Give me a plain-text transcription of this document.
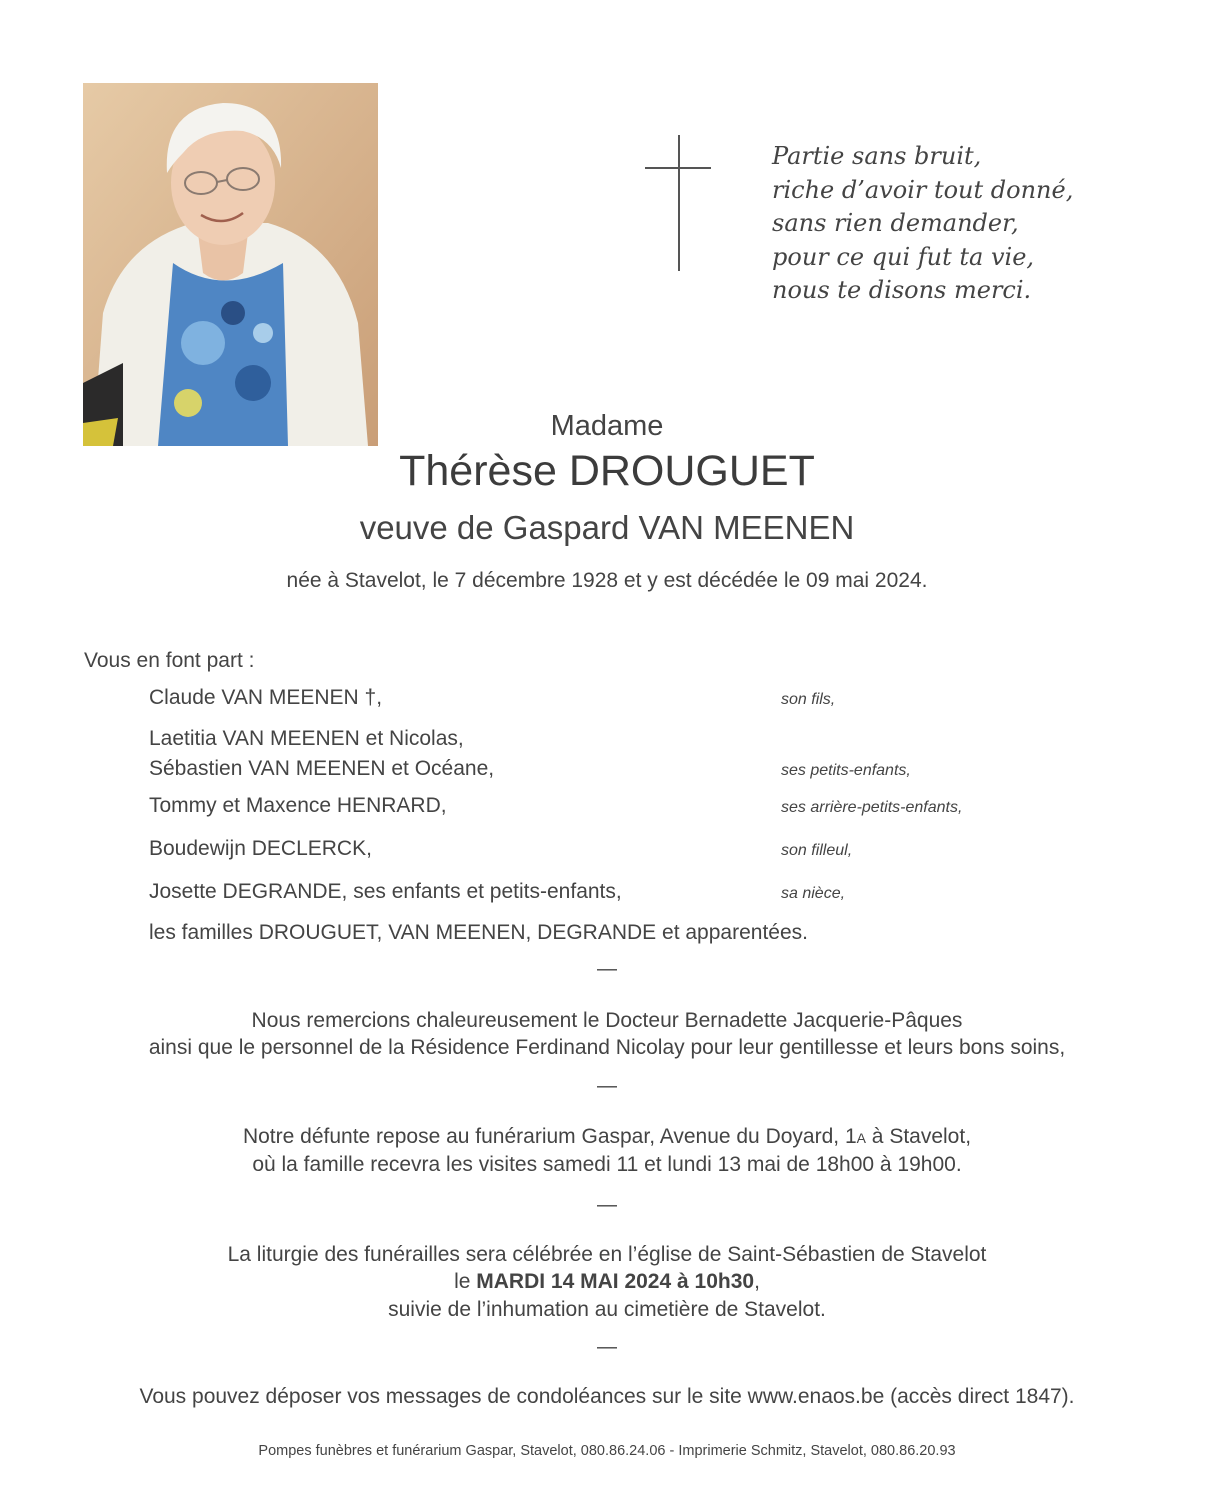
Partie sans bruit,
riche d’avoir tout donné,
sans rien demander,
pour ce qui fut ta vie,
nous te disons merci.
Madame
Thérèse DROUGUET
veuve de Gaspard VAN MEENEN
née à Stavelot, le 7 décembre 1928 et y est décédée le 09 mai 2024.
Vous en font part :
Claude VAN MEENEN †,	son fils,
Laetitia VAN MEENEN et Nicolas,
Sébastien VAN MEENEN et Océane,	ses petits-enfants,
Tommy et Maxence HENRARD,	ses arrière-petits-enfants,
Boudewijn DECLERCK,	son filleul,
Josette DEGRANDE, ses enfants et petits-enfants,	sa nièce,
les familles DROUGUET, VAN MEENEN, DEGRANDE et apparentées.
—
Nous remercions chaleureusement le Docteur Bernadette Jacquerie-Pâques
ainsi que le personnel de la Résidence Ferdinand Nicolay pour leur gentillesse et leurs bons soins,
—
Notre défunte repose au funérarium Gaspar, Avenue du Doyard, 1A à Stavelot,
où la famille recevra les visites samedi 11 et lundi 13 mai de 18h00 à 19h00.
—
La liturgie des funérailles sera célébrée en l’église de Saint-Sébastien de Stavelot
le MARDI 14 MAI 2024 à 10h30,
suivie de l’inhumation au cimetière de Stavelot.
—
Vous pouvez déposer vos messages de condoléances sur le site www.enaos.be (accès direct 1847).
Pompes funèbres et funérarium Gaspar, Stavelot, 080.86.24.06 - Imprimerie Schmitz, Stavelot, 080.86.20.93
